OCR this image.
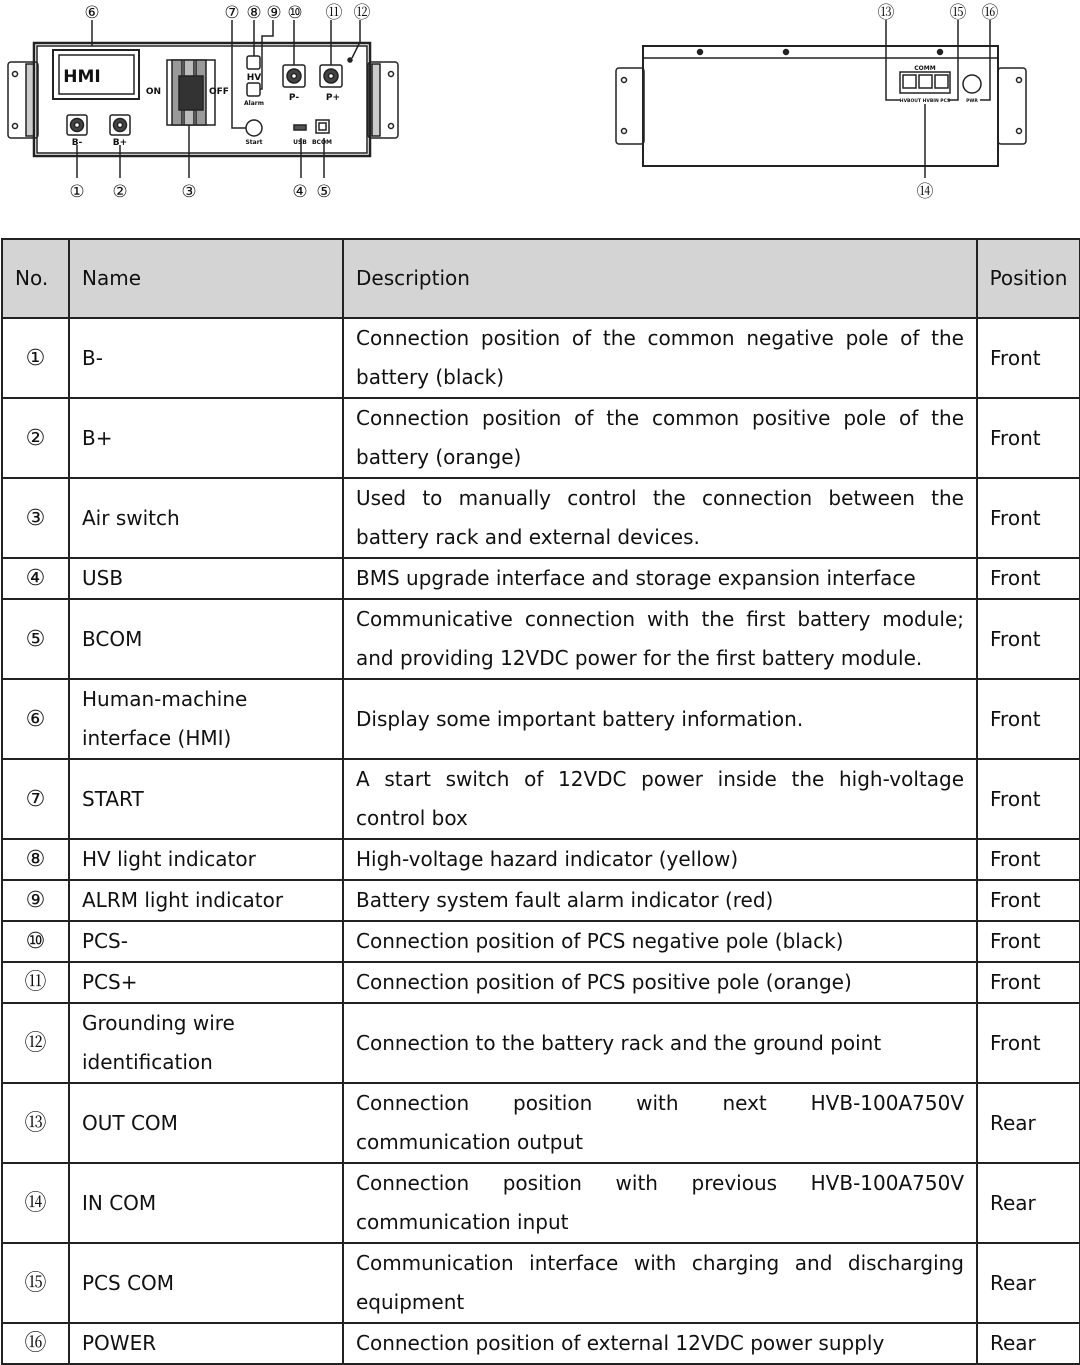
HMI
ON	OFF
HV
Alarm
Start	USB BCOM
B-	B+
P-	P+
COMM
HVBOUT HVBIN PCS	PWR
⑥	⑦ ⑧ ⑨ ⑩ ⑪ ⑫
① ②	③	④ ⑤
⑬	⑮ ⑯
⑭
No.	Name	Description	Position
①	B-	Connection position of the common negative pole of the battery (black)	Front
②	B+	Connection position of the common positive pole of the battery (orange)	Front
③	Air switch	Used to manually control the connection between the battery rack and external devices.	Front
④	USB	BMS upgrade interface and storage expansion interface	Front
⑤	BCOM	Communicative connection with the first battery module; and providing 12VDC power for the first battery module.	Front
⑥	Human-machine interface (HMI)	Display some important battery information.	Front
⑦	START	A start switch of 12VDC power inside the high-voltage control box	Front
⑧	HV light indicator	High-voltage hazard indicator (yellow)	Front
⑨	ALRM light indicator	Battery system fault alarm indicator (red)	Front
⑩	PCS-	Connection position of PCS negative pole (black)	Front
⑪	PCS+	Connection position of PCS positive pole (orange)	Front
⑫	Grounding wire identification	Connection to the battery rack and the ground point	Front
⑬	OUT COM	Connection position with next HVB-100A750V communication output	Rear
⑭	IN COM	Connection position with previous HVB-100A750V communication input	Rear
⑮	PCS COM	Communication interface with charging and discharging equipment	Rear
⑯	POWER	Connection position of external 12VDC power supply	Rear
